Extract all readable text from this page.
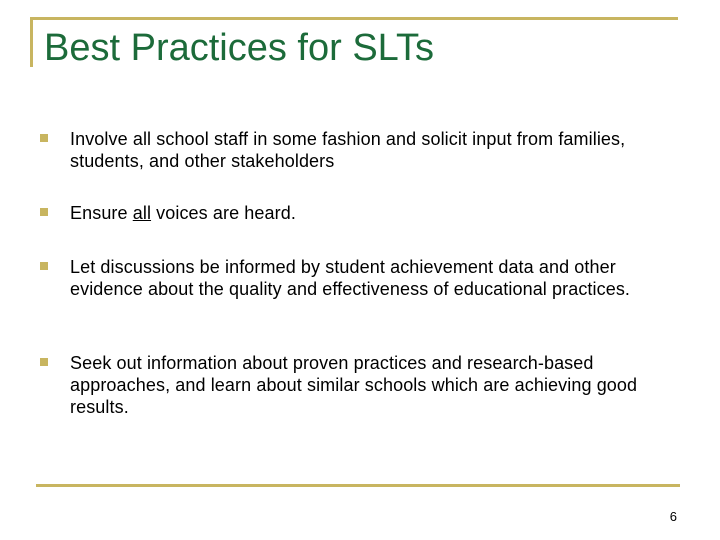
Best Practices for SLTs
Involve all school staff in some fashion and solicit input from families, students, and other stakeholders
Ensure all voices are heard.
Let discussions be informed by student achievement data and other evidence about the quality and effectiveness of educational practices.
Seek out information about proven practices and research-based approaches, and learn about similar schools which are achieving good results.
6
